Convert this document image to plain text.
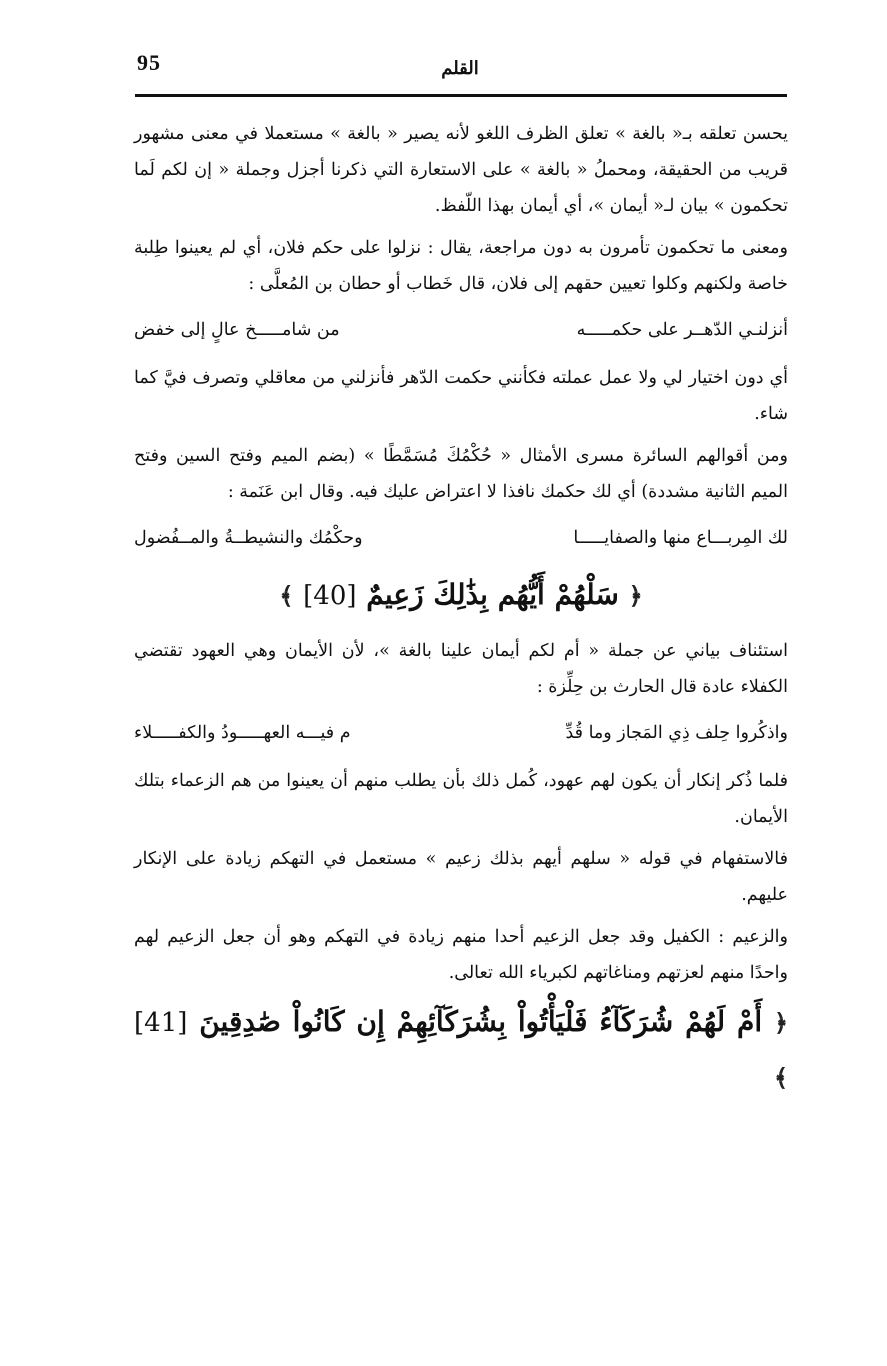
95	القلم

يحسن تعلقه بـ« بالغة » تعلق الظرف اللغو لأنه يصير « بالغة » مستعملا في معنى مشهور قريب من الحقيقة، ومحملُ « بالغة » على الاستعارة التي ذكرنا أجزل وجملة « إن لكم لَما تحكمون » بيان لـ« أيمان »، أي أيمان بهذا اللّفظ.

ومعنى ما تحكمون تأمرون به دون مراجعة، يقال : نزلوا على حكم فلان، أي لم يعينوا طِلبة خاصة ولكنهم وكلوا تعيين حقهم إلى فلان، قال خَطاب أو حطان بن المُعلَّى :

أنزلنـي الدّهــر على حكمـــــه
من شامـــــخ عالٍ إلى خفض

أي دون اختيار لي ولا عمل عملته فكأنني حكمت الدّهر فأنزلني من معاقلي وتصرف فيَّ كما شاء.

ومن أقوالهم السائرة مسرى الأمثال « حُكْمُكَ مُسَمَّطًا » (بضم الميم وفتح السين وفتح الميم الثانية مشددة) أي لك حكمك نافذا لا اعتراض عليك فيه. وقال ابن عَنَمة :

لك المِربـــاع منها والصفايـــــا
وحكْمُك والنشيطــةُ والمــفُضول
﴿ سَلْهُمْ أَيُّهُم بِذَٰلِكَ زَعِيمٌ [40] ﴾

استئناف بياني عن جملة « أم لكم أيمان علينا بالغة »، لأن الأيمان وهي العهود تقتضي الكفلاء عادة قال الحارث بن حِلِّزة :

واذكُروا حِلف ذِي المَجاز وما قُدِّ
م فيـــه العهـــــودُ والكفـــــلاء

فلما ذُكر إنكار أن يكون لهم عهود، كُمل ذلك بأن يطلب منهم أن يعينوا من هم الزعماء بتلك الأيمان.

فالاستفهام في قوله « سلهم أيهم بذلك زعيم » مستعمل في التهكم زيادة على الإنكار عليهم.

والزعيم : الكفيل وقد جعل الزعيم أحدا منهم زيادة في التهكم وهو أن جعل الزعيم لهم واحدًا منهم لعزتهم ومناغاتهم لكبرياء الله تعالى.

﴿ أَمْ لَهُمْ شُرَكَآءُ فَلْيَأْتُواْ بِشُرَكَآئِهِمْ إِن كَانُواْ صَٰدِقِينَ [41] ﴾
